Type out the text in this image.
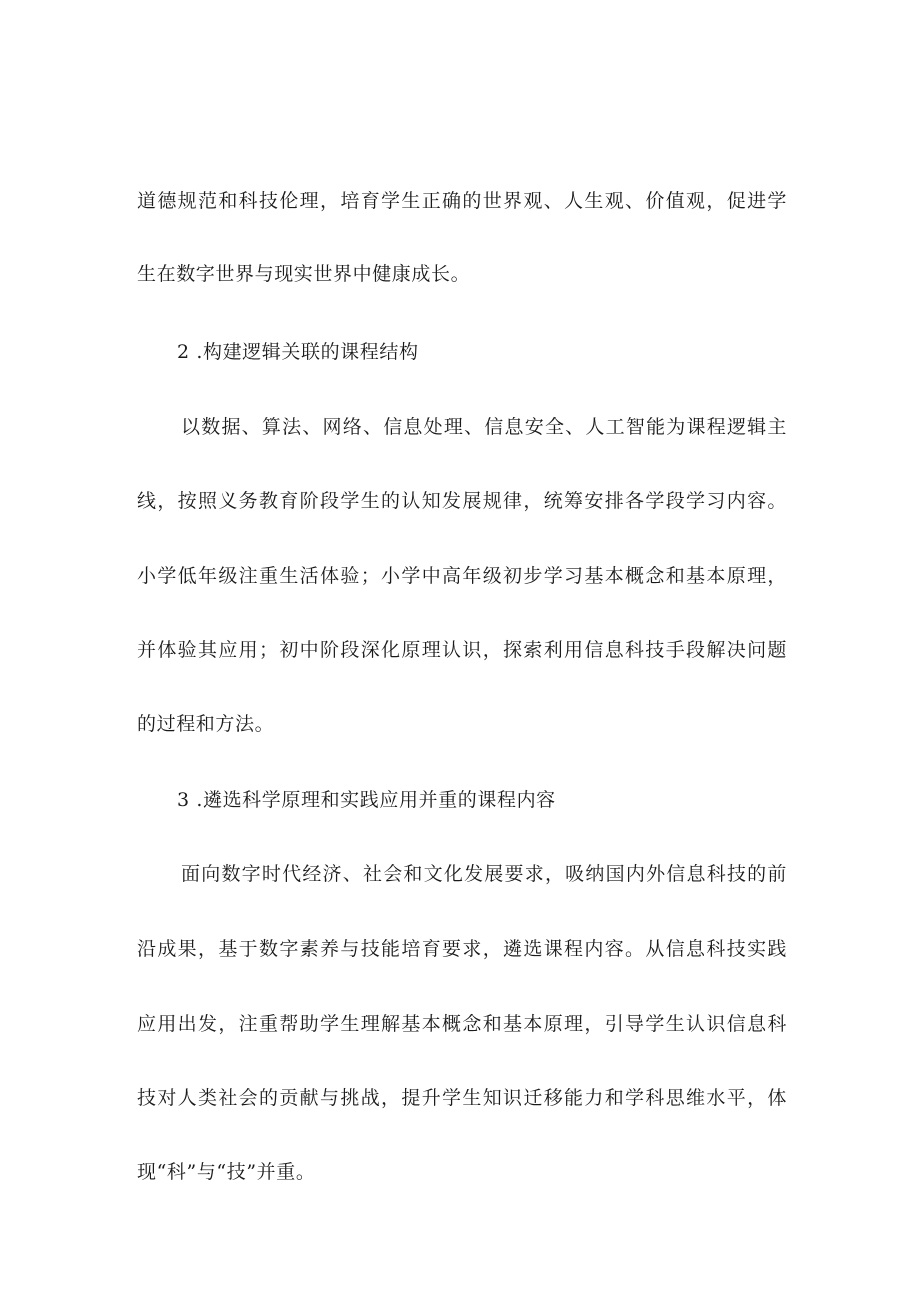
道德规范和科技伦理，培育学生正确的世界观、人生观、价值观，促进学
生在数字世界与现实世界中健康成长。
2 .构建逻辑关联的课程结构
以数据、算法、网络、信息处理、信息安全、人工智能为课程逻辑主
线，按照义务教育阶段学生的认知发展规律，统筹安排各学段学习内容。
小学低年级注重生活体验；小学中高年级初步学习基本概念和基本原理，
并体验其应用；初中阶段深化原理认识，探索利用信息科技手段解决问题
的过程和方法。
3 .遴选科学原理和实践应用并重的课程内容
面向数字时代经济、社会和文化发展要求，吸纳国内外信息科技的前
沿成果，基于数字素养与技能培育要求，遴选课程内容。从信息科技实践
应用出发，注重帮助学生理解基本概念和基本原理，引导学生认识信息科
技对人类社会的贡献与挑战，提升学生知识迁移能力和学科思维水平，体
现“科”与“技”并重。
